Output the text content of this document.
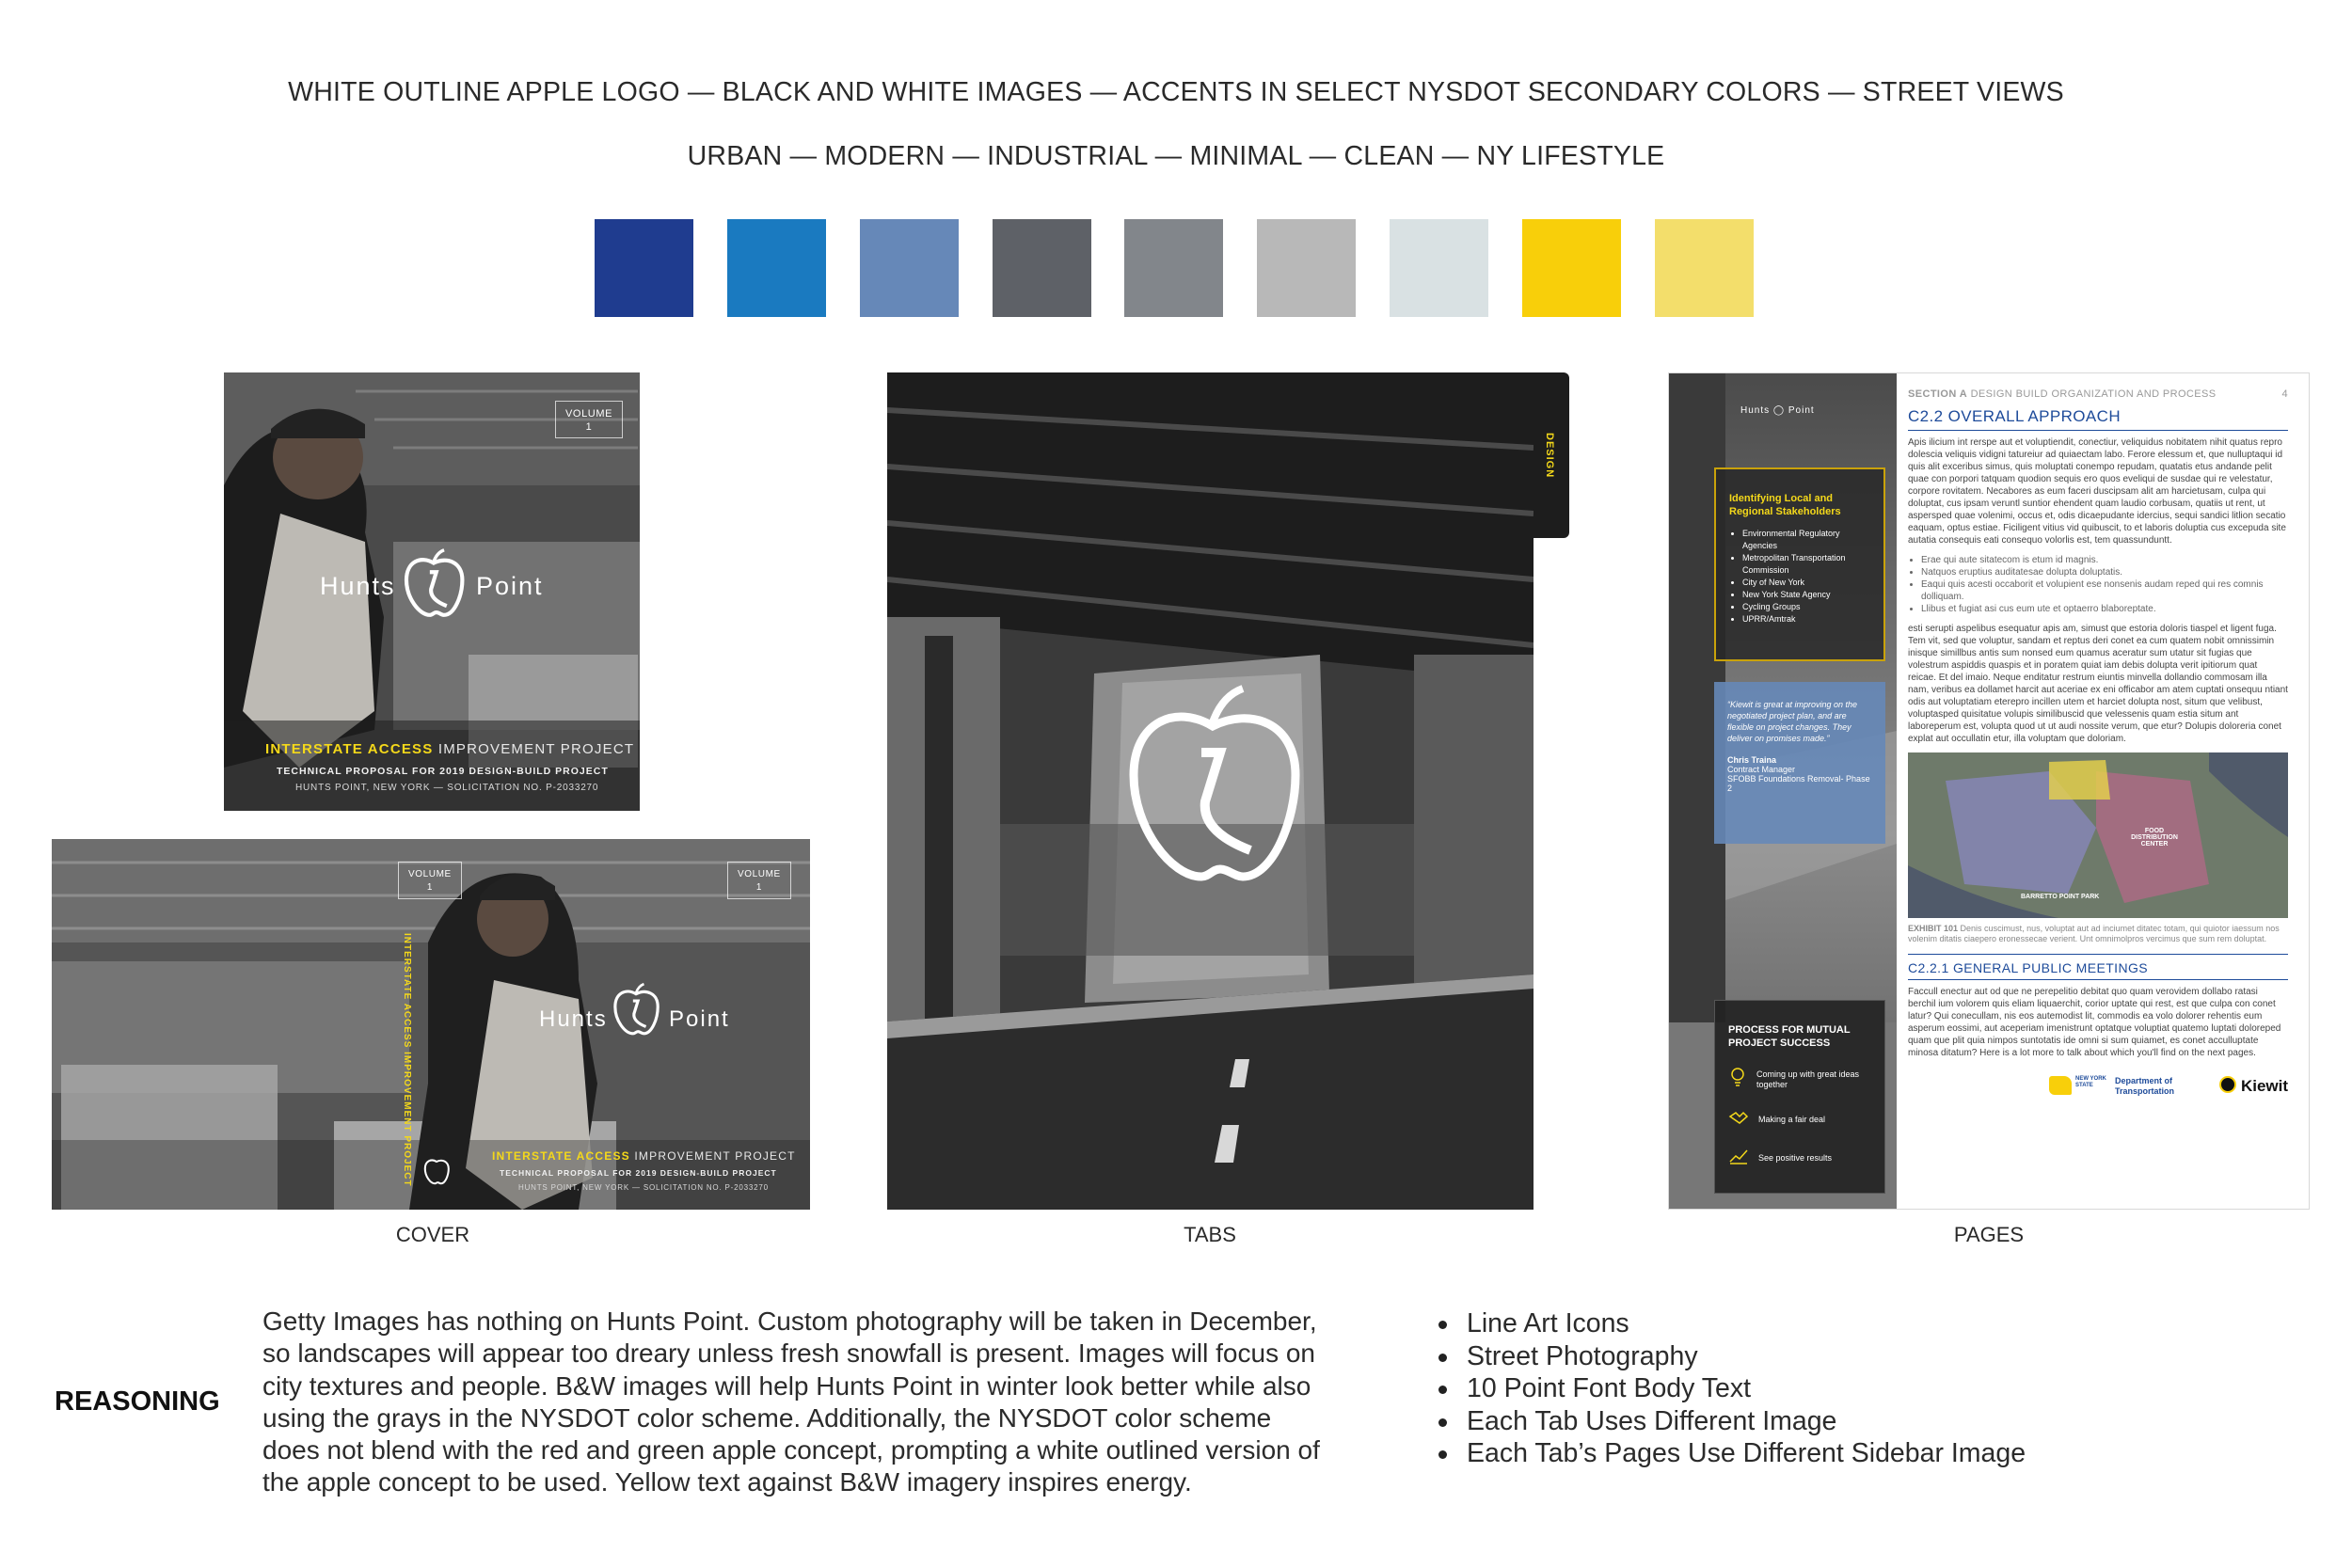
WHITE OUTLINE APPLE LOGO — BLACK AND WHITE IMAGES — ACCENTS IN SELECT NYSDOT SECONDARY COLORS — STREET VIEWS
URBAN — MODERN — INDUSTRIAL — MINIMAL — CLEAN — NY LIFESTYLE
VOLUME
1
Hunts	Point
INTERSTATE ACCESS IMPROVEMENT PROJECT
TECHNICAL PROPOSAL FOR 2019 DESIGN-BUILD PROJECT
HUNTS POINT, NEW YORK — SOLICITATION NO. P-2033270
VOLUME
1
VOLUME
1
INTERSTATE ACCESS IMPROVEMENT PROJECT	Hunts	Point
INTERSTATE ACCESS IMPROVEMENT PROJECT
TECHNICAL PROPOSAL FOR 2019 DESIGN-BUILD PROJECT
HUNTS POINT, NEW YORK — SOLICITATION NO. P-2033270
COVER
DESIGN
TABS
Hunts ◯ Point
Identifying Local and Regional Stakeholders
• Environmental Regulatory Agencies
• Metropolitan Transportation Commission
• City of New York
• New York State Agency
• Cycling Groups
• UPRR/Amtrak
“Kiewit is great at improving on the negotiated project plan, and are flexible on project changes. They deliver on promises made.”
Chris Traina
Contract Manager
SFOBB Foundations Removal- Phase 2
PROCESS FOR MUTUAL PROJECT SUCCESS
Coming up with great ideas together
Making a fair deal
See positive results
SECTION A DESIGN BUILD ORGANIZATION AND PROCESS	4
C2.2 OVERALL APPROACH
Apis ilicium int rerspe aut et voluptiendit, conectiur, veliquidus nobitatem nihit quatus repro dolescia veliquis vidigni tatureiur ad quiaectam labo. Ferore elessum et, que nulluptaqui id quis alit exceribus simus, quis moluptati conempo repudam, quatatis etus andande pelit quae con porpori tatquam quodion sequis ero quos eveliqui de susdae qui re velestatur, corpore rovitatem. Necabores as eum faceri duscipsam alit am harcietusam, culpa qui doluptat, cus ipsam veruntl suntior ehendent quam laudio corbusam, quatiis ut rent, ut aspersped quae volenimi, occus et, odis dicaepudante idercius, sequi sandici litlion secatio eaquam, optus estiae. Ficiligent vitius vid quibuscit, to et laboris doluptia cus excepuda site autatia consequis eati consequo volorlis est, tem quassunduntt.
• Erae qui aute sitatecom is etum id magnis.
• Natquos eruptius auditatesae dolupta doluptatis.
• Eaqui quis acesti occaborit et volupient ese nonsenis audam reped qui res comnis dolliquam.
• Llibus et fugiat asi cus eum ute et optaerro blaboreptate.
esti serupti aspelibus esequatur apis am, simust que estoria doloris tiaspel et ligent fuga. Tem vit, sed que voluptur, sandam et reptus deri conet ea cum quatem nobit omnissimin inisque simillbus antis sum nonsed eum quamus aceratur sum utatur sit fugias que volestrum aspiddis quaspis et in poratem quiat iam debis dolupta verit ipitiorum quat reicae. Et del imaio. Neque enditatur restrum eiuntis minvella dollandio commosam illa nam, veribus ea dollamet harcit aut aceriae ex eni officabor am atem cuptati onsequu ntiant odis aut voluptatiam eterepro incillen utem et harciet dolupta nost, situm que velibust, voluptasped quisitatue volupis similibuscid que velessenis quam estia situm ant laboreperum est, volupta quod ut ut audi nossite verum, que etur? Dolupis doloreria conet explat aut occullatin etur, illa voluptam que doloriam.
BARRETTO POINT PARK
FOOD DISTRIBUTION CENTER
EXHIBIT 101 Denis cuscimust, nus, voluptat aut ad inciumet ditatec totam, qui quiotor iaessum nos volenim ditatis ciaepero eronessecae verient. Unt omnimolpros vercimus que sum rem doluptat.
C2.2.1 GENERAL PUBLIC MEETINGS
Faccull enectur aut od que ne perepelitio debitat quo quam verovidem dollabo ratasi berchil ium volorem quis eliam liquaerchit, corior uptate qui rest, est que culpa con conet latur? Qui conecullam, nis eos autemodist lit, commodis ea volo dolorer rehentis eum asperum eossimi, aut aceperiam imenistrunt optatque voluptiat quatemo luptati doloreped quam que plit quia nimpos suntotatis ide omni si sum quiamet, es conet acculluptate minosa ditatum? Here is a lot more to talk about which you'll find on the next pages.
NEW YORK STATE	Department of
Transportation	Kiewit
PAGES
REASONING
Getty Images has nothing on Hunts Point. Custom photography will be taken in December, so landscapes will appear too dreary unless fresh snowfall is present. Images will focus on city textures and people. B&W images will help Hunts Point in winter look better while also using the grays in the NYSDOT color scheme. Additionally, the NYSDOT color scheme does not blend with the red and green apple concept, prompting a white outlined version of the apple concept to be used. Yellow text against B&W imagery inspires energy.
Line Art Icons
Street Photography
10 Point Font Body Text
Each Tab Uses Different Image
Each Tab’s Pages Use Different Sidebar Image
